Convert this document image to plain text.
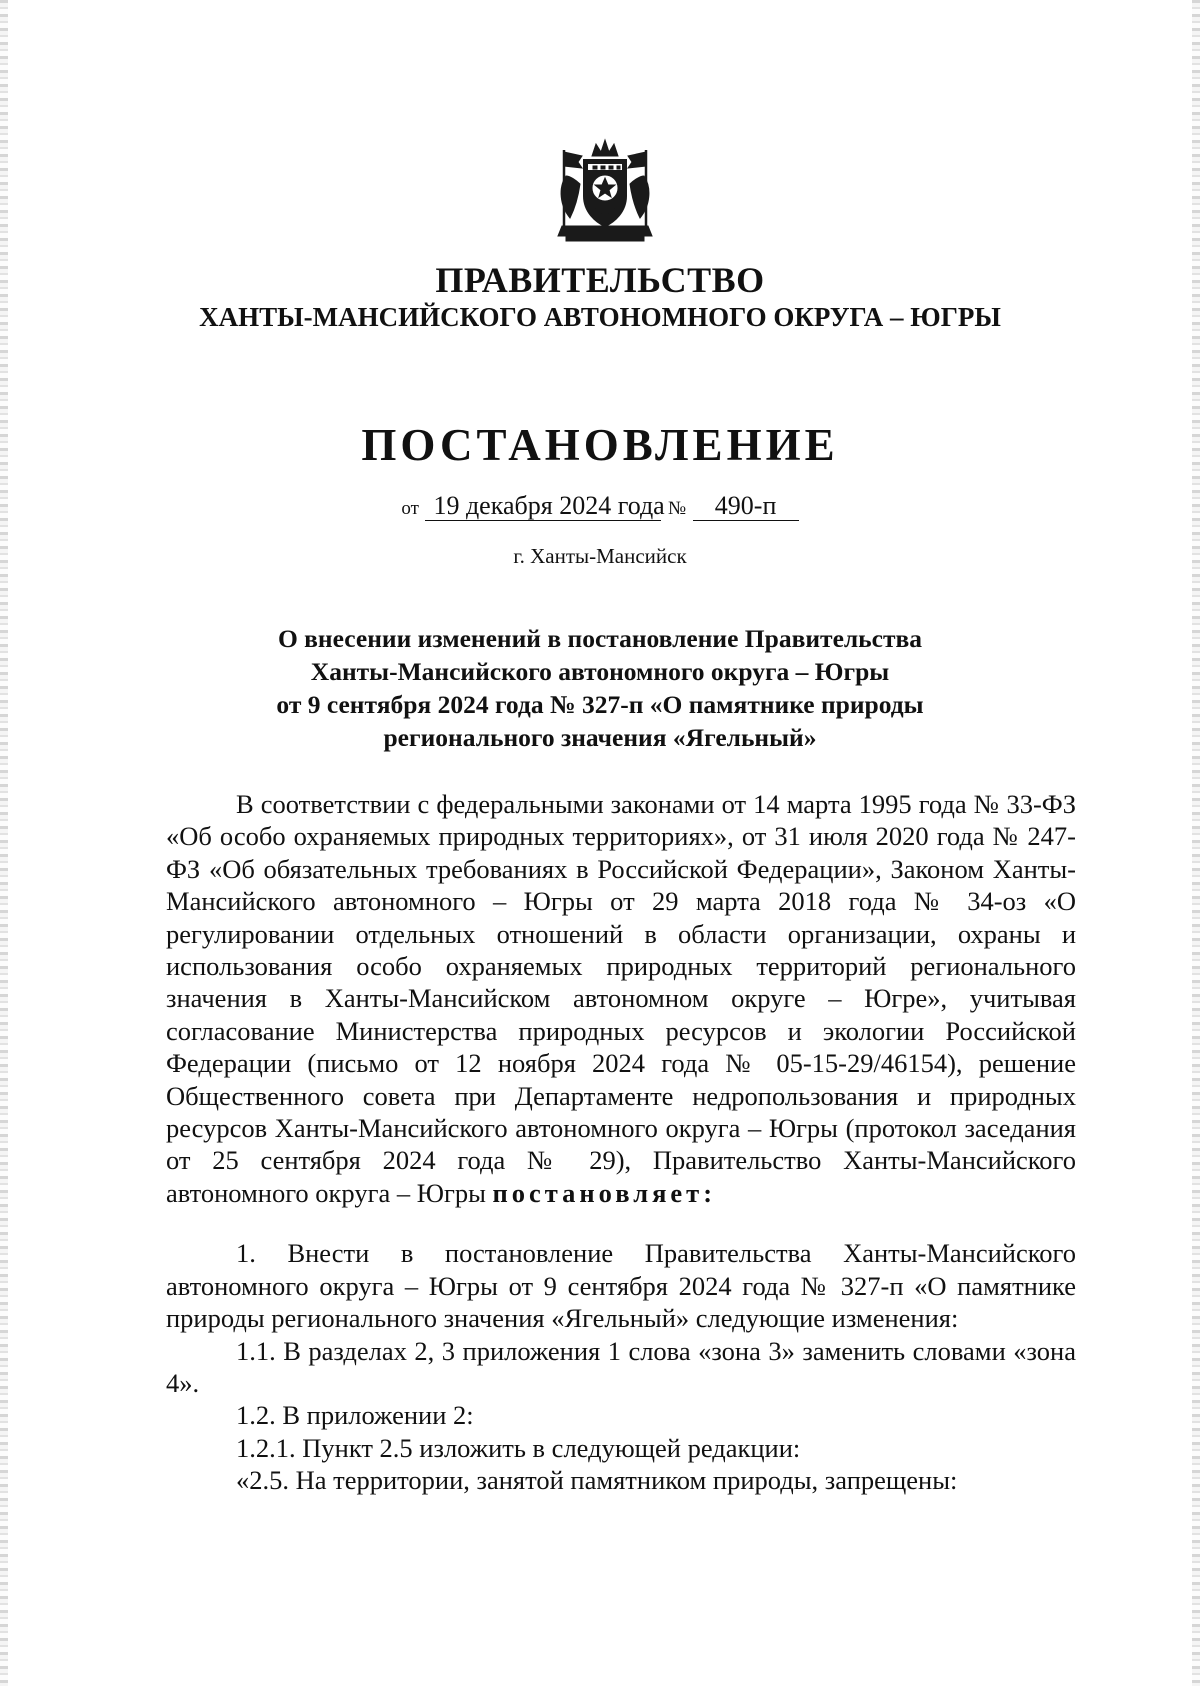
ПРАВИТЕЛЬСТВО
ХАНТЫ-МАНСИЙСКОГО АВТОНОМНОГО ОКРУГА – ЮГРЫ
ПОСТАНОВЛЕНИЕ
от 19 декабря 2024 года № 490-п
г. Ханты-Мансийск
О внесении изменений в постановление Правительства
Ханты-Мансийского автономного округа – Югры
от 9 сентября 2024 года № 327-п «О памятнике природы
регионального значения «Ягельный»

В соответствии с федеральными законами от 14 марта 1995 года № 33-ФЗ «Об особо охраняемых природных территориях», от 31 июля 2020 года № 247-ФЗ «Об обязательных требованиях в Российской Федерации», Законом Ханты-Мансийского автономного – Югры от 29 марта 2018 года № 34-оз «О регулировании отдельных отношений в области организации, охраны и использования особо охраняемых природных территорий регионального значения в Ханты-Мансийском автономном округе – Югре», учитывая согласование Министерства природных ресурсов и экологии Российской Федерации (письмо от 12 ноября 2024 года № 05-15-29/46154), решение Общественного совета при Департаменте недропользования и природных ресурсов Ханты-Мансийского автономного округа – Югры (протокол заседания от 25 сентября 2024 года № 29), Правительство Ханты-Мансийского автономного округа – Югры постановляет:

1. Внести в постановление Правительства Ханты-Мансийского автономного округа – Югры от 9 сентября 2024 года № 327-п «О памятнике природы регионального значения «Ягельный» следующие изменения:

1.1. В разделах 2, 3 приложения 1 слова «зона 3» заменить словами «зона 4».

1.2. В приложении 2:

1.2.1. Пункт 2.5 изложить в следующей редакции:

«2.5. На территории, занятой памятником природы, запрещены:
